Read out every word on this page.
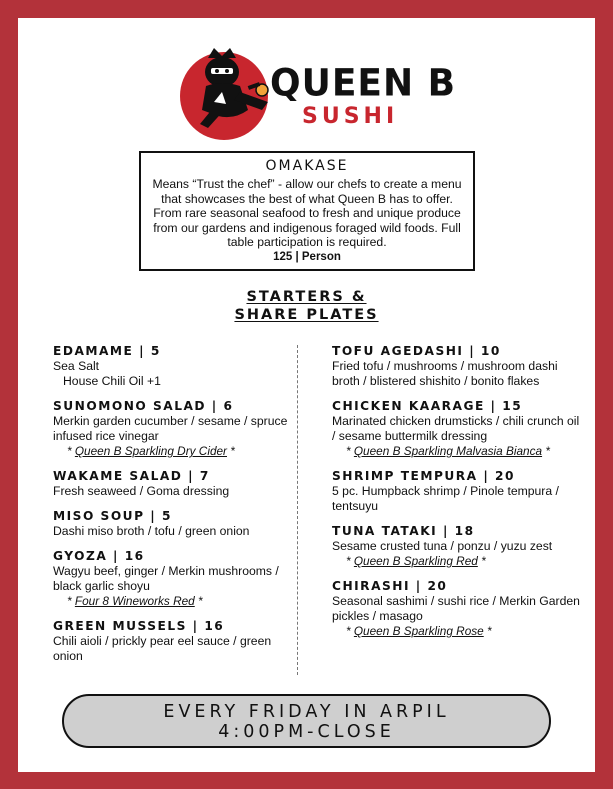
QUEEN B
SUSHI
OMAKASE
Means “Trust the chef” - allow our chefs to create a menu that showcases the best of what Queen B has to offer. From rare seasonal seafood to fresh and unique produce from our gardens and indigenous foraged wild foods. Full table participation is required.
125 | Person
STARTERS &
SHARE PLATES
EDAMAME | 5
Sea Salt
House Chili Oil +1
SUNOMONO SALAD | 6
Merkin garden cucumber / sesame / spruce infused rice vinegar
* Queen B Sparkling Dry Cider *
WAKAME SALAD | 7
Fresh seaweed / Goma dressing
MISO SOUP | 5
Dashi miso broth / tofu / green onion
GYOZA | 16
Wagyu beef, ginger / Merkin mushrooms / black garlic shoyu
* Four 8 Wineworks Red *
GREEN MUSSELS | 16
Chili aioli / prickly pear eel sauce / green onion
TOFU AGEDASHI | 10
Fried tofu / mushrooms / mushroom dashi broth / blistered shishito / bonito flakes
CHICKEN KAARAGE | 15
Marinated chicken drumsticks / chili crunch oil / sesame buttermilk dressing
* Queen B Sparkling Malvasia Bianca *
SHRIMP TEMPURA | 20
5 pc. Humpback shrimp / Pinole tempura / tentsuyu
TUNA TATAKI | 18
Sesame crusted tuna / ponzu / yuzu zest
* Queen B Sparkling Red *
CHIRASHI | 20
Seasonal sashimi / sushi rice / Merkin Garden pickles / masago
* Queen B Sparkling Rose *
EVERY FRIDAY IN ARPIL
4:00PM-CLOSE
